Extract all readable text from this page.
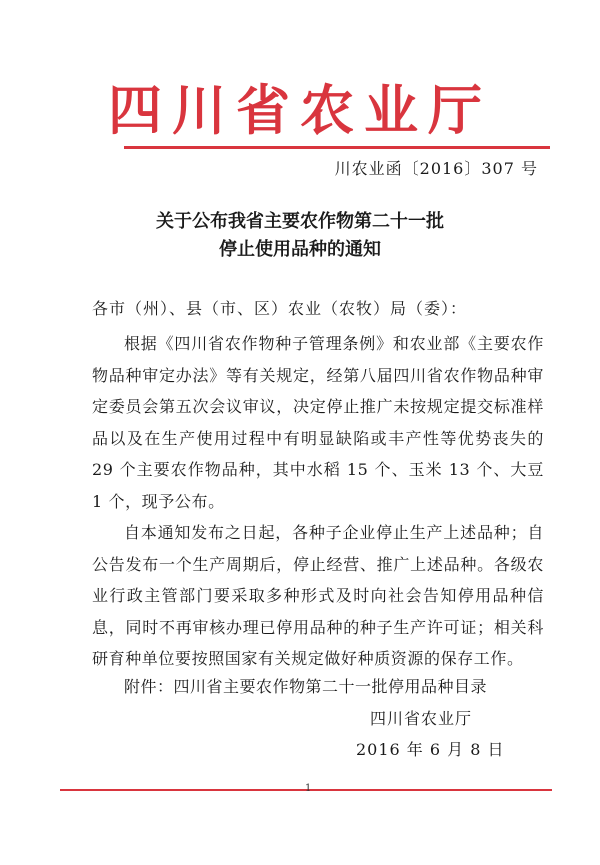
四川省农业厅
川农业函〔2016〕307 号
关于公布我省主要农作物第二十一批
停止使用品种的通知
各市（州）、县（市、区）农业（农牧）局（委）：

根据《四川省农作物种子管理条例》和农业部《主要农作物品种审定办法》等有关规定，经第八届四川省农作物品种审定委员会第五次会议审议，决定停止推广未按规定提交标准样品以及在生产使用过程中有明显缺陷或丰产性等优势丧失的 29 个主要农作物品种，其中水稻 15 个、玉米 13 个、大豆 1 个，现予公布。

自本通知发布之日起，各种子企业停止生产上述品种；自公告发布一个生产周期后，停止经营、推广上述品种。各级农业行政主管部门要采取多种形式及时向社会告知停用品种信息，同时不再审核办理已停用品种的种子生产许可证；相关科研育种单位要按照国家有关规定做好种质资源的保存工作。

附件：四川省主要农作物第二十一批停用品种目录
四川省农业厅
2016 年 6 月 8 日
1
